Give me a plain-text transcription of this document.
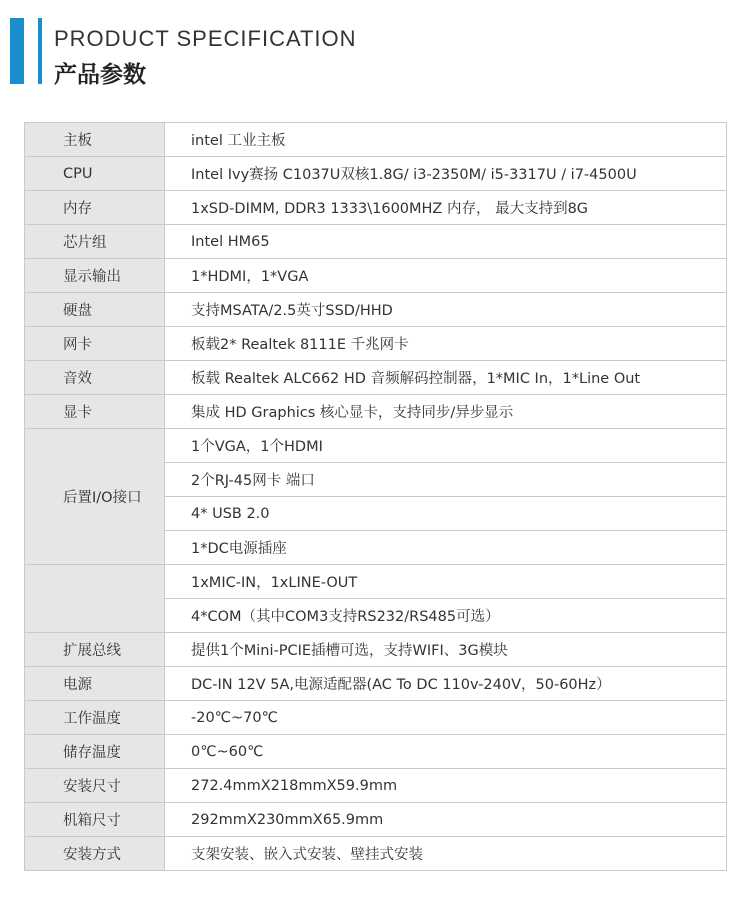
PRODUCT SPECIFICATION
产品参数
主板	intel 工业主板
CPU	Intel Ivy赛扬 C1037U双核1.8G/ i3-2350M/ i5-3317U / i7-4500U
内存	1xSD-DIMM, DDR3 1333\1600MHZ 内存， 最大支持到8G
芯片组	Intel HM65
显示输出	1*HDMI，1*VGA
硬盘	支持MSATA/2.5英寸SSD/HHD
网卡	板载2* Realtek 8111E 千兆网卡
音效	板载 Realtek ALC662 HD 音频解码控制器，1*MIC In，1*Line Out
显卡	集成 HD Graphics 核心显卡，支持同步/异步显示
后置I/O接口	1个VGA，1个HDMI
	2个RJ-45网卡 端口
	4* USB 2.0
	1*DC电源插座
	1xMIC-IN，1xLINE-OUT
	4*COM（其中COM3支持RS232/RS485可选）
扩展总线	提供1个Mini-PCIE插槽可选，支持WIFI、3G模块
电源	DC-IN 12V 5A,电源适配器(AC To DC 110v-240V，50-60Hz）
工作温度	-20℃~70℃
储存温度	0℃~60℃
安装尺寸	272.4mmX218mmX59.9mm
机箱尺寸	292mmX230mmX65.9mm
安装方式	支架安装、嵌入式安装、壁挂式安装
